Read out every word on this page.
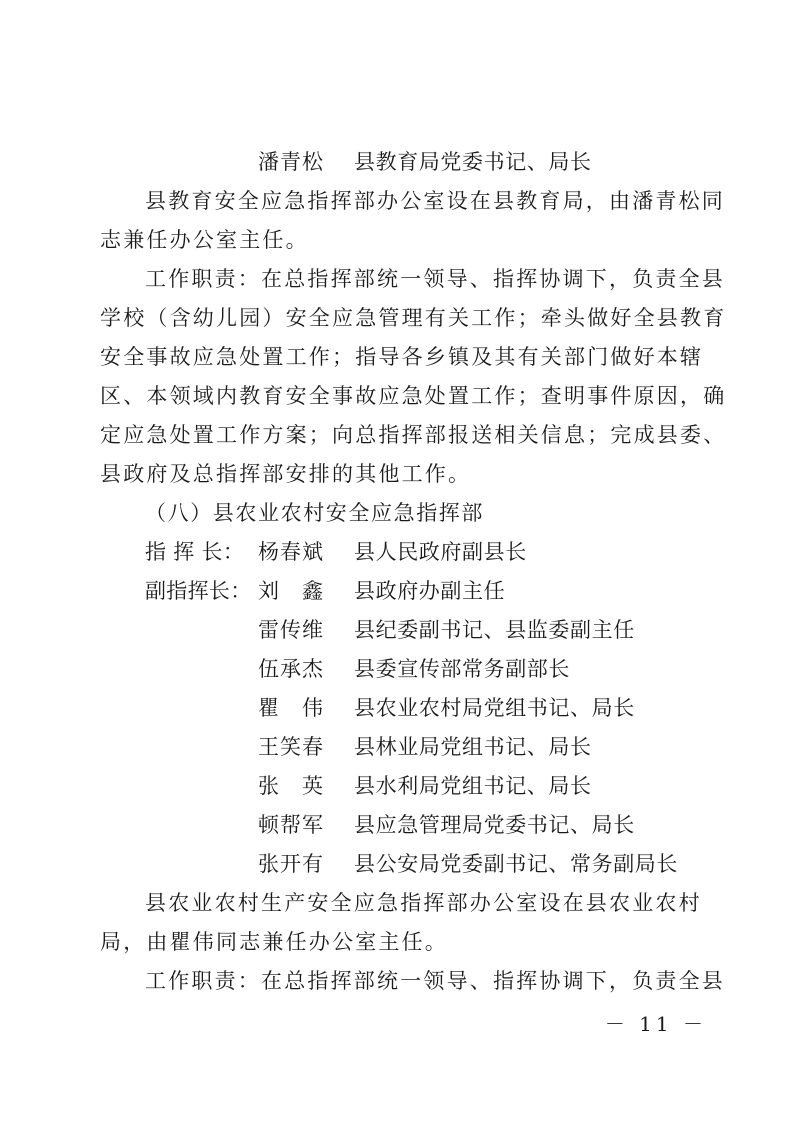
潘青松 县教育局党委书记、局长

县教育安全应急指挥部办公室设在县教育局，由潘青松同

志兼任办公室主任。

工作职责：在总指挥部统一领导、指挥协调下，负责全县

学校（含幼儿园）安全应急管理有关工作；牵头做好全县教育

安全事故应急处置工作；指导各乡镇及其有关部门做好本辖

区、本领域内教育安全事故应急处置工作；查明事件原因，确

定应急处置工作方案；向总指挥部报送相关信息；完成县委、

县政府及总指挥部安排的其他工作。

（八）县农业农村安全应急指挥部

指 挥 长： 杨春斌 县人民政府副县长

副指挥长： 刘　鑫 县政府办副主任

雷传维 县纪委副书记、县监委副主任

伍承杰 县委宣传部常务副部长

瞿　伟 县农业农村局党组书记、局长

王笑春 县林业局党组书记、局长

张　英 县水利局党组书记、局长

顿帮军 县应急管理局党委书记、局长

张开有 县公安局党委副书记、常务副局长

县农业农村生产安全应急指挥部办公室设在县农业农村

局，由瞿伟同志兼任办公室主任。

工作职责：在总指挥部统一领导、指挥协调下，负责全县

－ 11 －
